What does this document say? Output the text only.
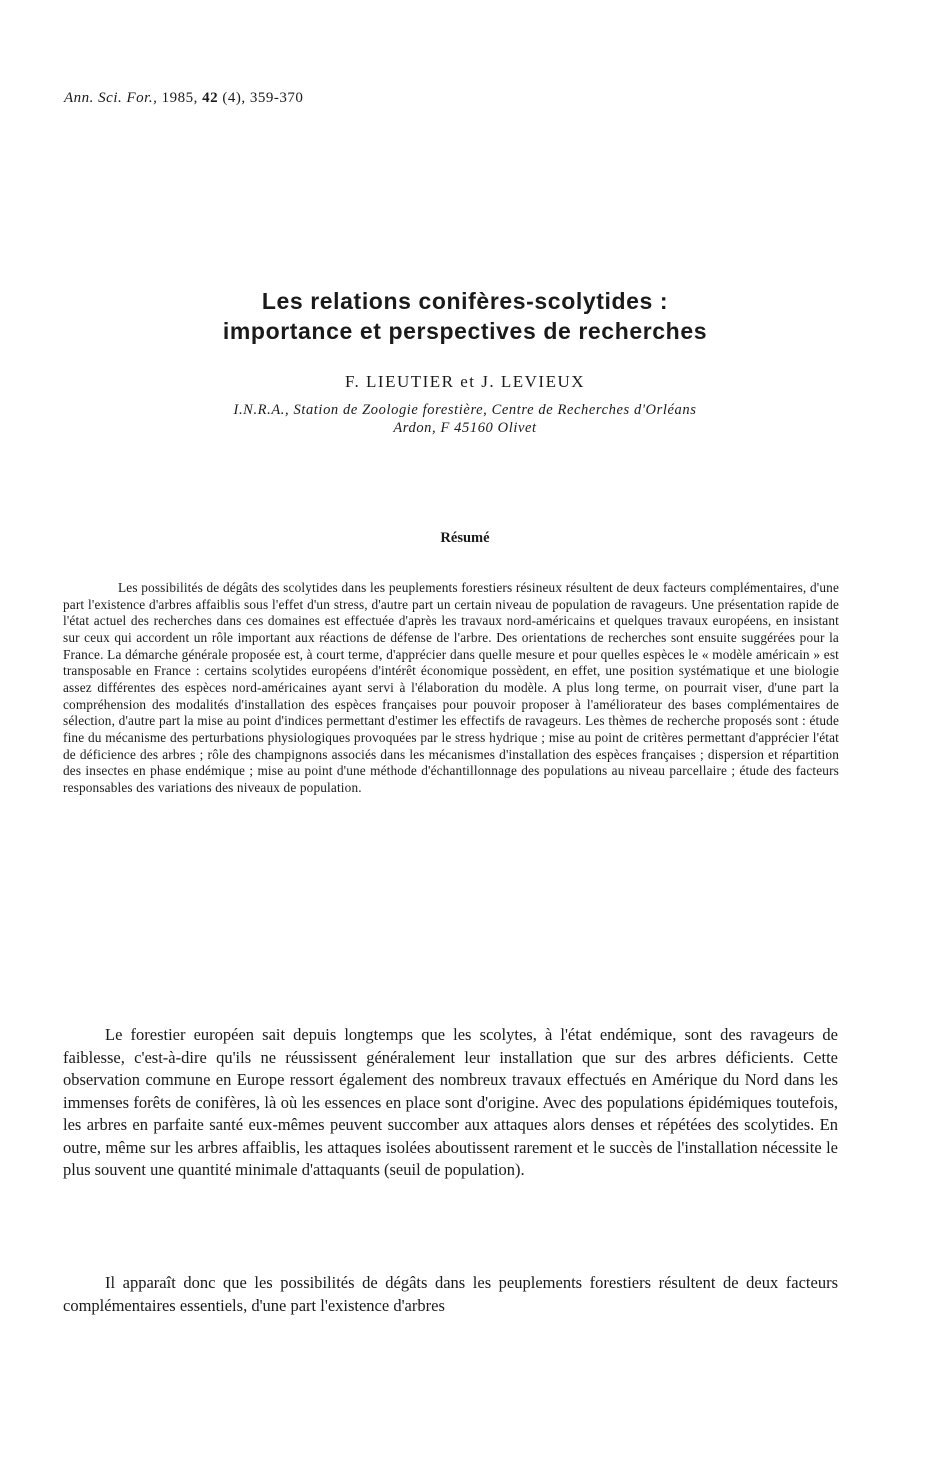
Ann. Sci. For., 1985, 42 (4), 359-370
Les relations conifères-scolytides :
importance et perspectives de recherches
F. LIEUTIER et J. LEVIEUX
I.N.R.A., Station de Zoologie forestière, Centre de Recherches d'Orléans
Ardon, F 45160 Olivet
Résumé

Les possibilités de dégâts des scolytides dans les peuplements forestiers résineux résultent de deux facteurs complémentaires, d'une part l'existence d'arbres affaiblis sous l'effet d'un stress, d'autre part un certain niveau de population de ravageurs. Une présentation rapide de l'état actuel des recherches dans ces domaines est effectuée d'après les travaux nord-américains et quelques travaux européens, en insistant sur ceux qui accordent un rôle important aux réactions de défense de l'arbre. Des orientations de recherches sont ensuite suggérées pour la France. La démarche générale proposée est, à court terme, d'apprécier dans quelle mesure et pour quelles espèces le « modèle américain » est transposable en France : certains scolytides européens d'intérêt économique possèdent, en effet, une position systématique et une biologie assez différentes des espèces nord-américaines ayant servi à l'élaboration du modèle. A plus long terme, on pourrait viser, d'une part la compréhension des modalités d'installation des espèces françaises pour pouvoir proposer à l'améliorateur des bases complémentaires de sélection, d'autre part la mise au point d'indices permettant d'estimer les effectifs de ravageurs. Les thèmes de recherche proposés sont : étude fine du mécanisme des perturbations physiologiques provoquées par le stress hydrique ; mise au point de critères permettant d'apprécier l'état de déficience des arbres ; rôle des champignons associés dans les mécanismes d'installation des espèces françaises ; dispersion et répartition des insectes en phase endémique ; mise au point d'une méthode d'échantillonnage des populations au niveau parcellaire ; étude des facteurs responsables des variations des niveaux de population.

Le forestier européen sait depuis longtemps que les scolytes, à l'état endémique, sont des ravageurs de faiblesse, c'est-à-dire qu'ils ne réussissent généralement leur installation que sur des arbres déficients. Cette observation commune en Europe ressort également des nombreux travaux effectués en Amérique du Nord dans les immenses forêts de conifères, là où les essences en place sont d'origine. Avec des populations épidémiques toutefois, les arbres en parfaite santé eux-mêmes peuvent succomber aux attaques alors denses et répétées des scolytides. En outre, même sur les arbres affaiblis, les attaques isolées aboutissent rarement et le succès de l'installation nécessite le plus souvent une quantité minimale d'attaquants (seuil de population).

Il apparaît donc que les possibilités de dégâts dans les peuplements forestiers résultent de deux facteurs complémentaires essentiels, d'une part l'existence d'arbres
